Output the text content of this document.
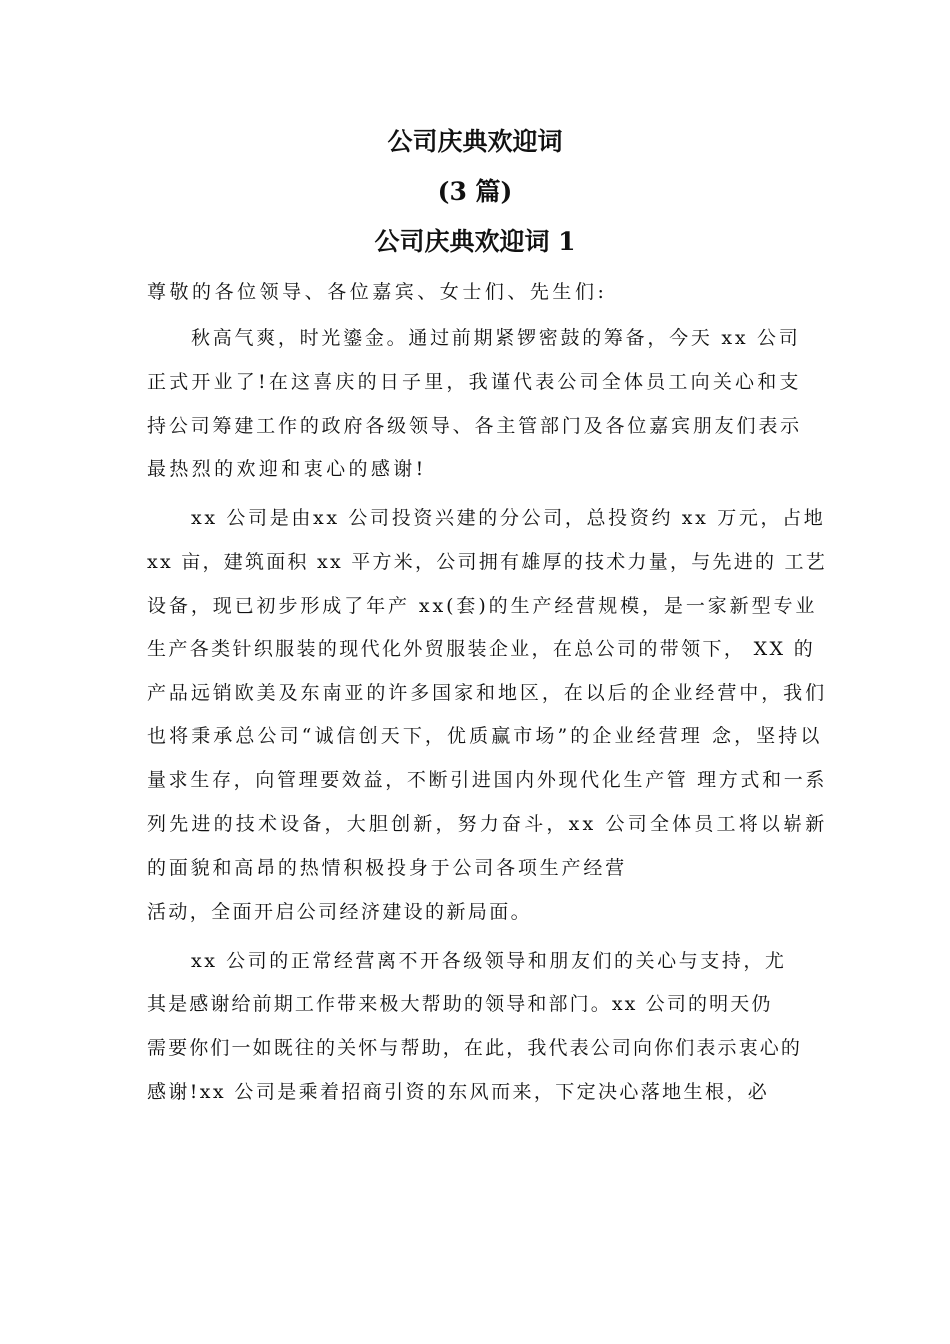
公司庆典欢迎词
(3 篇)
公司庆典欢迎词 1
尊敬的各位领导、各位嘉宾、女士们、先生们:
秋高气爽，时光鎏金。通过前期紧锣密鼓的筹备，今天 xx 公司
正式开业了!在这喜庆的日子里，我谨代表公司全体员工向关心和支
持公司筹建工作的政府各级领导、各主管部门及各位嘉宾朋友们表示
最热烈的欢迎和衷心的感谢!
xx 公司是由xx 公司投资兴建的分公司，总投资约 xx 万元，占地
xx 亩，建筑面积 xx 平方米，公司拥有雄厚的技术力量，与先进的 工艺
设备，现已初步形成了年产 xx(套)的生产经营规模，是一家新型专业
生产各类针织服装的现代化外贸服装企业，在总公司的带领下， XX 的
产品远销欧美及东南亚的许多国家和地区，在以后的企业经营中，我们
也将秉承总公司“诚信创天下，优质赢市场”的企业经营理 念，坚持以
量求生存，向管理要效益，不断引进国内外现代化生产管 理方式和一系
列先进的技术设备，大胆创新，努力奋斗，xx 公司全体员工将以崭新
的面貌和高昂的热情积极投身于公司各项生产经营
活动，全面开启公司经济建设的新局面。
xx 公司的正常经营离不开各级领导和朋友们的关心与支持，尤
其是感谢给前期工作带来极大帮助的领导和部门。xx 公司的明天仍
需要你们一如既往的关怀与帮助，在此，我代表公司向你们表示衷心的
感谢!xx 公司是乘着招商引资的东风而来，下定决心落地生根，必
